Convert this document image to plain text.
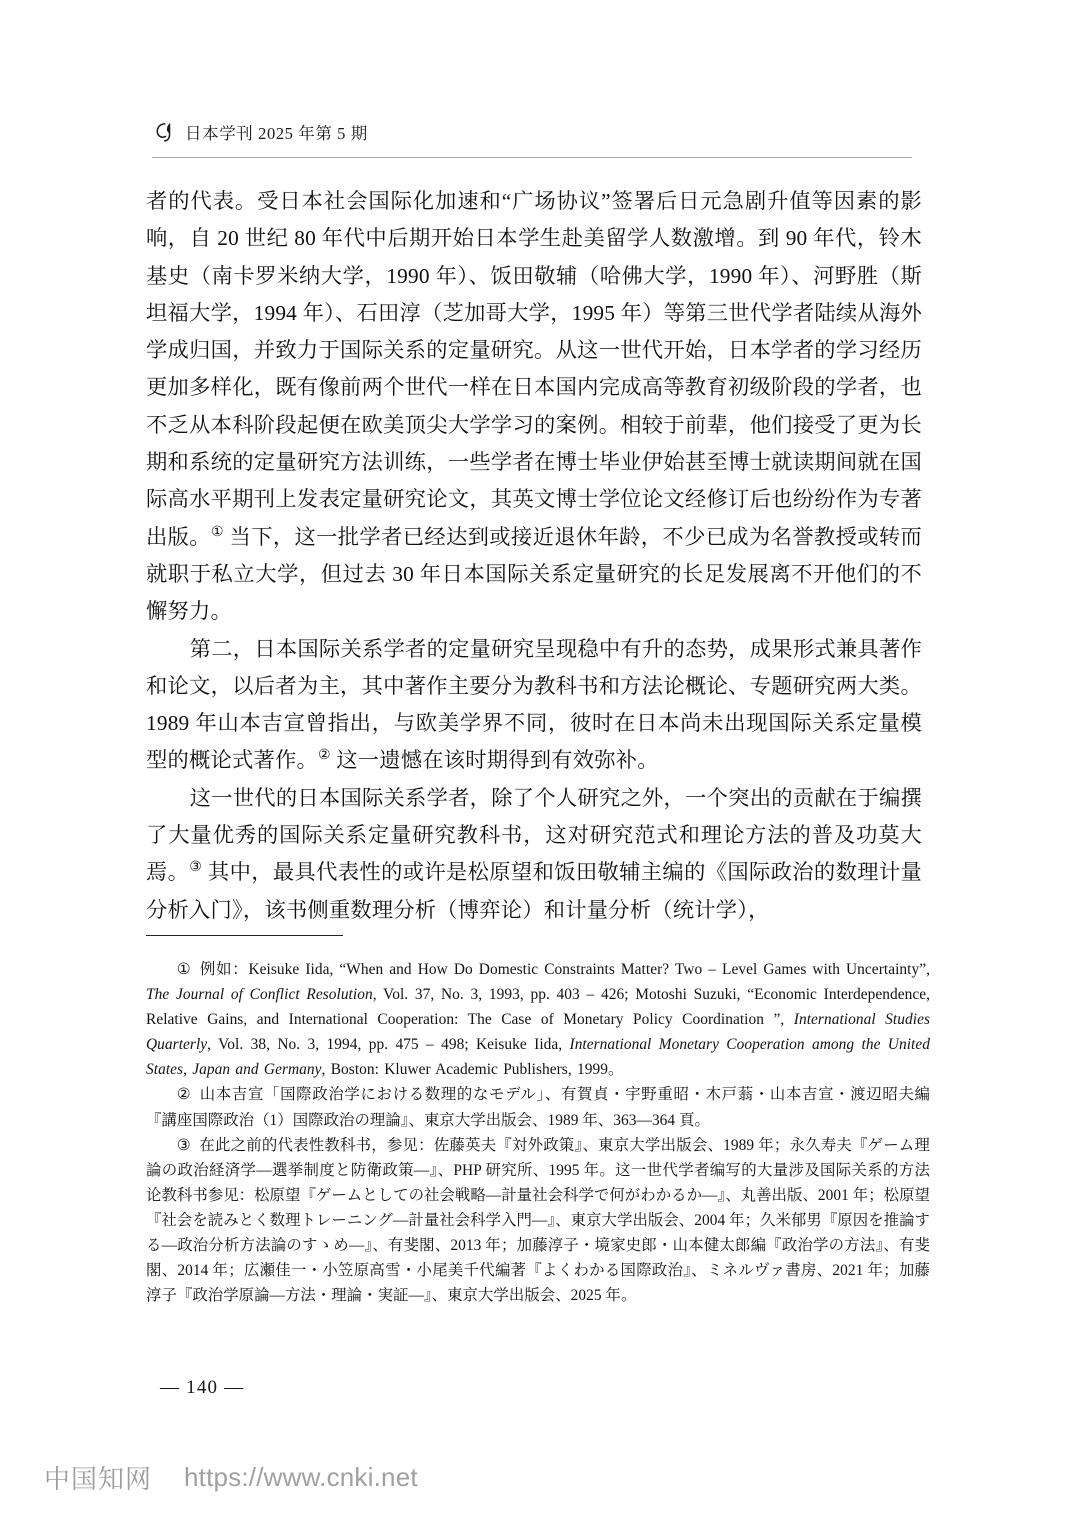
日本学刊 2025 年第 5 期

者的代表。受日本社会国际化加速和“广场协议”签署后日元急剧升值等因素的影响，自 20 世纪 80 年代中后期开始日本学生赴美留学人数激增。到 90 年代，铃木基史（南卡罗米纳大学，1990 年）、饭田敬辅（哈佛大学，1990 年）、河野胜（斯坦福大学，1994 年）、石田淳（芝加哥大学，1995 年）等第三世代学者陆续从海外学成归国，并致力于国际关系的定量研究。从这一世代开始，日本学者的学习经历更加多样化，既有像前两个世代一样在日本国内完成高等教育初级阶段的学者，也不乏从本科阶段起便在欧美顶尖大学学习的案例。相较于前辈，他们接受了更为长期和系统的定量研究方法训练，一些学者在博士毕业伊始甚至博士就读期间就在国际高水平期刊上发表定量研究论文，其英文博士学位论文经修订后也纷纷作为专著出版。① 当下，这一批学者已经达到或接近退休年龄，不少已成为名誉教授或转而就职于私立大学，但过去 30 年日本国际关系定量研究的长足发展离不开他们的不懈努力。

第二，日本国际关系学者的定量研究呈现稳中有升的态势，成果形式兼具著作和论文，以后者为主，其中著作主要分为教科书和方法论概论、专题研究两大类。1989 年山本吉宣曾指出，与欧美学界不同，彼时在日本尚未出现国际关系定量模型的概论式著作。② 这一遗憾在该时期得到有效弥补。

这一世代的日本国际关系学者，除了个人研究之外，一个突出的贡献在于编撰了大量优秀的国际关系定量研究教科书，这对研究范式和理论方法的普及功莫大焉。③ 其中，最具代表性的或许是松原望和饭田敬辅主编的《国际政治的数理计量分析入门》，该书侧重数理分析（博弈论）和计量分析（统计学），

① 例如：Keisuke Iida, “When and How Do Domestic Constraints Matter? Two – Level Games with Uncertainty”, The Journal of Conflict Resolution, Vol. 37, No. 3, 1993, pp. 403 – 426; Motoshi Suzuki, “Economic Interdependence, Relative Gains, and International Cooperation: The Case of Monetary Policy Coordination ”, International Studies Quarterly, Vol. 38, No. 3, 1994, pp. 475 – 498; Keisuke Iida, International Monetary Cooperation among the United States, Japan and Germany, Boston: Kluwer Academic Publishers, 1999。

② 山本吉宣「国際政治学における数理的なモデル」、有賀貞・宇野重昭・木戸蓊・山本吉宣・渡辺昭夫編『講座国際政治（1）国際政治の理論』、東京大学出版会、1989 年、363—364 頁。

③ 在此之前的代表性教科书，参见：佐藤英夫『対外政策』、東京大学出版会、1989 年；永久寿夫『ゲーム理論の政治経済学—選挙制度と防衛政策—』、PHP 研究所、1995 年。这一世代学者编写的大量涉及国际关系的方法论教科书参见：松原望『ゲームとしての社会戦略—計量社会科学で何がわかるか—』、丸善出版、2001 年；松原望『社会を読みとく数理トレーニング—計量社会科学入門—』、東京大学出版会、2004 年；久米郁男『原因を推論する—政治分析方法論のすゝめ—』、有斐閣、2013 年；加藤淳子・境家史郎・山本健太郎編『政治学の方法』、有斐閣、2014 年；広瀬佳一・小笠原高雪・小尾美千代編著『よくわかる国際政治』、ミネルヴァ書房、2021 年；加藤淳子『政治学原論—方法・理論・実証—』、東京大学出版会、2025 年。

— 140 —
中国知网 https://www.cnki.net
